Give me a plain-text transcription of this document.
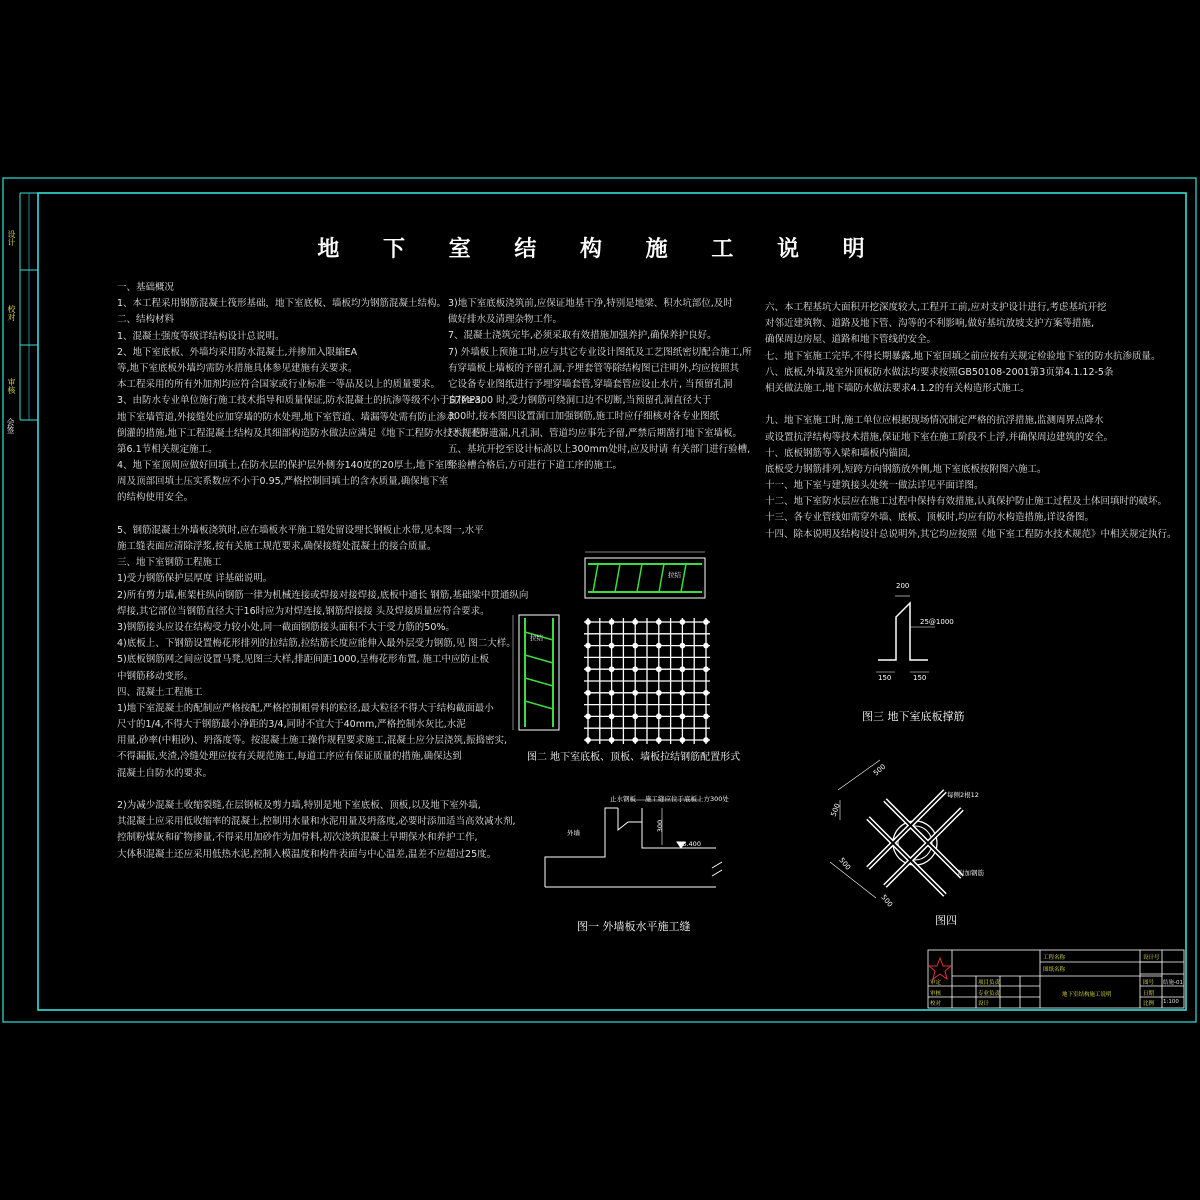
会签
设计
校对
审核
地 下 室 结 构 施 工 说 明
一、基础概况
1、本工程采用钢筋混凝土筏形基础，地下室底板、墙板均为钢筋混凝土结构。
二、结构材料
1、混凝土强度等级详结构设计总说明。
2、地下室底板、外墙均采用防水混凝土,并掺加入限縮EA
等,地下室底板外墙均需防水措施具体参见建施有关要求。
本工程采用的所有外加剂均应符合国家或行业标准一等品及以上的质量要求。
3、由防水专业单位施行施工技术指导和质量保证,防水混凝土的抗渗等级不小于S7MPa,
地下室墙管道,外接缝处应加穿墙的防水处理,地下室管道、墙漏等处需有防止渗水
倒灌的措施,地下工程混凝土结构及其细部构造防水做法应满足《地下工程防水技术规范》
第6.1节相关规定施工。
4、地下室顶周应做好回填土,在防水层的保护层外侧夯140度的20厚土,地下室四
周及顶部回填土压实系数应不小于0.95,严格控制回填土的含水质量,确保地下室
的结构使用安全。
5、钢筋混凝土外墙板浇筑时,应在墙板水平施工缝处留设埋长钢板止水带,见本图一,水平
施工缝表面应清除浮浆,按有关施工规范要求,确保接缝处混凝土的接合质量。
三、地下室钢筋工程施工
1)受力钢筋保护层厚度 详基础说明。
2)所有剪力墙,框架柱纵向钢筋一律为机械连接或焊接对接焊接,底板中通长 钢筋,基础梁中贯通纵向
焊接,其它部位当钢筋直径大于16时应为对焊连接,钢筋焊接接 头及焊接质量应符合要求。
3)钢筋接头应设在结构受力较小处,同一截面钢筋接头面积不大于受力筋的50%。
4)底板上、下钢筋设置梅花形排列的拉结筋,拉结筋长度应能伸入最外层受力钢筋,见 图二大样。
5)底板钢筋网之间应设置马凳,见图三大样,排距间距1000,呈梅花形布置, 施工中应防止板
中钢筋移动变形。
四、混凝土工程施工
1)地下室混凝土的配制应严格按配,严格控制粗骨料的粒径,最大粒径不得大于结构截面最小
尺寸的1/4,不得大于钢筋最小净距的3/4,同时不宜大于40mm,严格控制水灰比,水泥
用量,砂率(中粗砂)、坍落度等。按混凝土施工操作规程要求施工,混凝土应分层浇筑,振捣密实,
不得漏振,夹渣,冷缝处理应按有关规范施工,每道工序应有保证质量的措施,确保达到
混凝土自防水的要求。
2)为减少混凝土收缩裂缝,在层钢板及剪力墙,特别是地下室底板、顶板,以及地下室外墙,
其混凝土应采用低收缩率的混凝土,控制用水量和水泥用量及坍落度,必要时添加适当高效减水剂,
控制粉煤灰和矿物掺量,不得采用加砂作为加骨料,初次浇筑混凝土早期保水和养护工作,
大体积混凝土还应采用低热水泥,控制入模温度和构件表面与中心温差,温差不应超过25度。
3)地下室底板浇筑前,应保证地基干净,特别是地梁、积水坑部位,及时
做好排水及清理杂物工作。
7、混凝土浇筑完毕,必须采取有效措施加强养护,确保养护良好。
7) 外墙板上预施工时,应与其它专业设计图纸及工艺图纸密切配合施工,所
有穿墙板上墙板的予留孔洞,予埋套管等除结构图已注明外,均应按照其
它设备专业图纸进行予埋穿墙套管,穿墙套管应设止水片, 当预留孔洞
直径≥300 时,受力钢筋可绕洞口边不切断,当预留孔洞直径大于
300时,按本图四设置洞口加强钢筋,施工时应仔细核对各专业图纸
尺寸,不得遗漏,凡孔洞、管道均应事先予留,严禁后期凿打地下室墙板。
五、基坑开挖至设计标高以上300mm处时,应及时请 有关部门进行验槽,
经验槽合格后,方可进行下道工序的施工。
六、本工程基坑大面积开挖深度较大,工程开工前,应对支护设计进行,考虑基坑开挖
对邻近建筑物、道路及地下管、沟等的不利影响,做好基坑放坡支护方案等措施,
确保周边房屋、道路和地下管线的安全。
七、地下室施工完毕,不得长期暴露,地下室回填之前应按有关规定检验地下室的防水抗渗质量。
八、底板,外墙及室外顶板防水做法均要求按照GB50108-2001第3页第4.1.12-5条
相关做法施工,地下墙防水做法要求4.1.2的有关构造形式施工。
九、地下室施工时,施工单位应根据现场情况制定严格的抗浮措施,监测周界点降水
或设置抗浮结构等技术措施,保证地下室在施工阶段不上浮,并确保周边建筑的安全。
十、底板钢筋等入梁和墙板内锚固,
底板受力钢筋排列,短跨方向钢筋放外侧,地下室底板按附图六施工。
十一、地下室与建筑接头处统一做法详见平面详图。
十二、地下室防水层应在施工过程中保持有效措施,认真保护防止施工过程及土体回填时的破坏。
十三、各专业管线如需穿外墙、底板、顶板时,均应有防水构造措施,详设备图。
十四、除本说明及结构设计总说明外,其它均应按照《地下室工程防水技术规范》中相关规定执行。
图二 地下室底板、顶板、墙板拉结钢筋配置形式
拉结
拉结
图一 外墙板水平施工缝
止水钢板 施工缝应位于底板上方300处
外墙
-3.400
300
图三 地下室底板撑筋
200
150	150
25@1000
图四
500
500
500
500
每侧2根12
附加钢筋
工程名称
图纸名称
设计号
地下室结构施工说明
审定	项目负责	图号 结施-01
审核	专业负责	日期
校对	设计	比例 1:100
